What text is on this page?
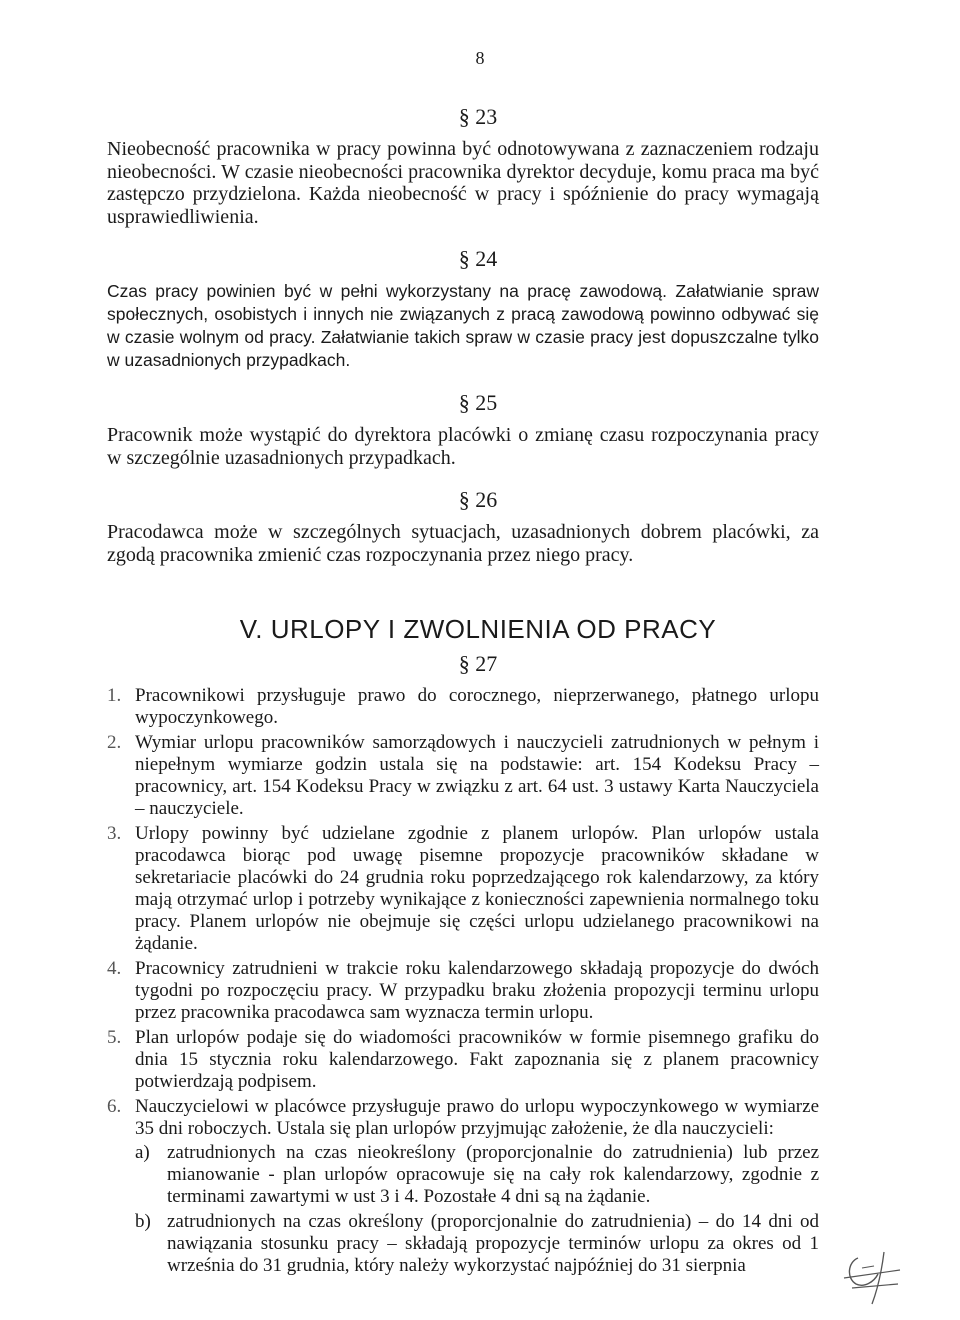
8
§ 23

Nieobecność pracownika w pracy powinna być odnotowywana z zaznaczeniem rodzaju nieobecności. W czasie nieobecności pracownika dyrektor decyduje, komu praca ma być zastępczo przydzielona. Każda nieobecność w pracy i spóźnienie do pracy wymagają usprawiedliwienia.

§ 24

Czas pracy powinien być w pełni wykorzystany na pracę zawodową. Załatwianie spraw społecznych, osobistych i innych nie związanych z pracą zawodową powinno odbywać się w czasie wolnym od pracy. Załatwianie takich spraw w czasie pracy jest dopuszczalne tylko w uzasadnionych przypadkach.

§ 25

Pracownik może wystąpić do dyrektora placówki o zmianę czasu rozpoczynania pracy w szczególnie uzasadnionych przypadkach.

§ 26

Pracodawca może w szczególnych sytuacjach, uzasadnionych dobrem placówki, za zgodą pracownika zmienić czas rozpoczynania przez niego pracy.

V. URLOPY I ZWOLNIENIA OD PRACY
§ 27
1. Pracownikowi przysługuje prawo do corocznego, nieprzerwanego, płatnego urlopu wypoczynkowego.
2. Wymiar urlopu pracowników samorządowych i nauczycieli zatrudnionych w pełnym i niepełnym wymiarze godzin ustala się na podstawie: art. 154 Kodeksu Pracy – pracownicy, art. 154 Kodeksu Pracy w związku z art. 64 ust. 3 ustawy Karta Nauczyciela – nauczyciele.
3. Urlopy powinny być udzielane zgodnie z planem urlopów. Plan urlopów ustala pracodawca biorąc pod uwagę pisemne propozycje pracowników składane w sekretariacie placówki do 24 grudnia roku poprzedzającego rok kalendarzowy, za który mają otrzymać urlop i potrzeby wynikające z konieczności zapewnienia normalnego toku pracy. Planem urlopów nie obejmuje się części urlopu udzielanego pracownikowi na żądanie.
4. Pracownicy zatrudnieni w trakcie roku kalendarzowego składają propozycje do dwóch tygodni po rozpoczęciu pracy. W przypadku braku złożenia propozycji terminu urlopu przez pracownika pracodawca sam wyznacza termin urlopu.
5. Plan urlopów podaje się do wiadomości pracowników w formie pisemnego grafiku do dnia 15 stycznia roku kalendarzowego. Fakt zapoznania się z planem pracownicy potwierdzają podpisem.
6. Nauczycielowi w placówce przysługuje prawo do urlopu wypoczynkowego w wymiarze 35 dni roboczych. Ustala się plan urlopów przyjmując założenie, że dla nauczycieli:
a) zatrudnionych na czas nieokreślony (proporcjonalnie do zatrudnienia) lub przez mianowanie - plan urlopów opracowuje się na cały rok kalendarzowy, zgodnie z terminami zawartymi w ust 3 i 4. Pozostałe 4 dni są na żądanie.
b) zatrudnionych na czas określony (proporcjonalnie do zatrudnienia) – do 14 dni od nawiązania stosunku pracy – składają propozycje terminów urlopu za okres od 1 września do 31 grudnia, który należy wykorzystać najpóźniej do 31 sierpnia
